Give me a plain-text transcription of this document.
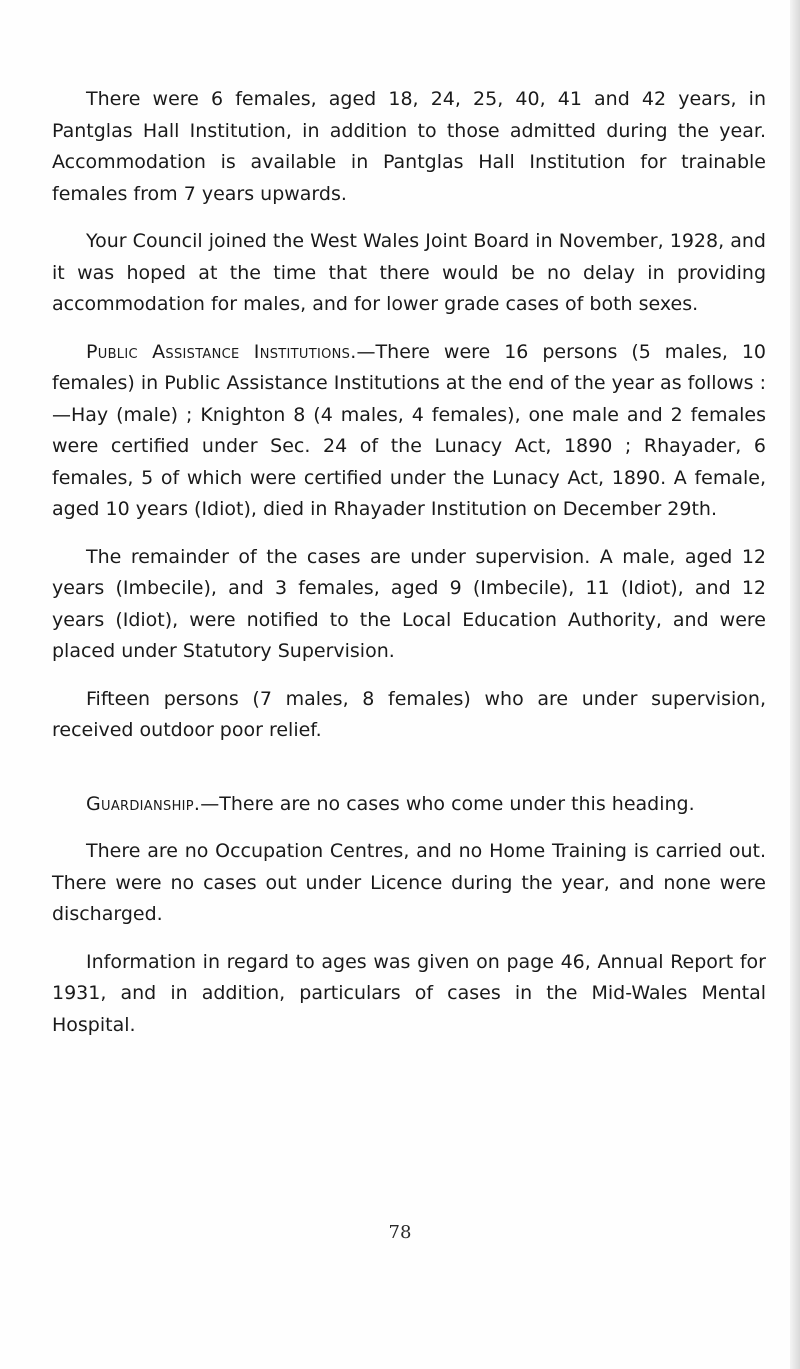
There were 6 females, aged 18, 24, 25, 40, 41 and 42 years, in Pantglas Hall Institution, in addition to those admitted during the year. Accommodation is available in Pantglas Hall Institution for trainable females from 7 years upwards.

Your Council joined the West Wales Joint Board in November, 1928, and it was hoped at the time that there would be no delay in providing accommodation for males, and for lower grade cases of both sexes.

Public Assistance Institutions.—There were 16 persons (5 males, 10 females) in Public Assistance Institutions at the end of the year as follows :—Hay (male) ; Knighton 8 (4 males, 4 females), one male and 2 females were certified under Sec. 24 of the Lunacy Act, 1890 ; Rhayader, 6 females, 5 of which were certified under the Lunacy Act, 1890. A female, aged 10 years (Idiot), died in Rhayader Institution on December 29th.

The remainder of the cases are under supervision. A male, aged 12 years (Imbecile), and 3 females, aged 9 (Imbecile), 11 (Idiot), and 12 years (Idiot), were notified to the Local Education Authority, and were placed under Statutory Supervision.

Fifteen persons (7 males, 8 females) who are under supervision, received outdoor poor relief.

Guardianship.—There are no cases who come under this heading.

There are no Occupation Centres, and no Home Training is carried out. There were no cases out under Licence during the year, and none were discharged.

Information in regard to ages was given on page 46, Annual Report for 1931, and in addition, particulars of cases in the Mid-Wales Mental Hospital.

78
